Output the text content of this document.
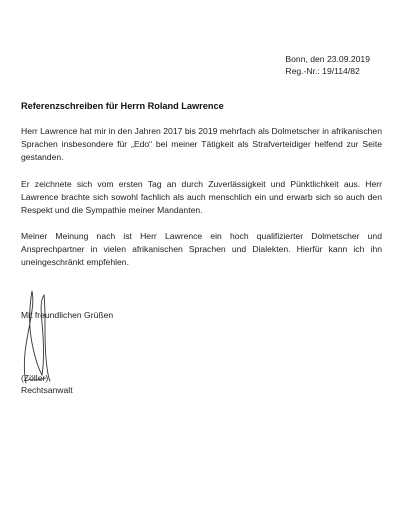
Bonn, den 23.09.2019
Reg.-Nr.: 19/114/82
Referenzschreiben für Herrn Roland Lawrence
Herr Lawrence hat mir in den Jahren 2017 bis 2019 mehrfach als Dolmetscher in afrikanischen Sprachen insbesondere für „Edo“ bei meiner Tätigkeit als Strafverteidiger helfend zur Seite gestanden.
Er zeichnete sich vom ersten Tag an durch Zuverlässigkeit und Pünktlichkeit aus. Herr Lawrence brachte sich sowohl fachlich als auch menschlich ein und erwarb sich so auch den Respekt und die Sympathie meiner Mandanten.
Meiner Meinung nach ist Herr Lawrence ein hoch qualifizierter Dolmetscher und Ansprechpartner in vielen afrikanischen Sprachen und Dialekten. Hierfür kann ich ihn uneingeschränkt empfehlen.
Mit freundlichen Grüßen
(Zöller)
Rechtsanwalt
